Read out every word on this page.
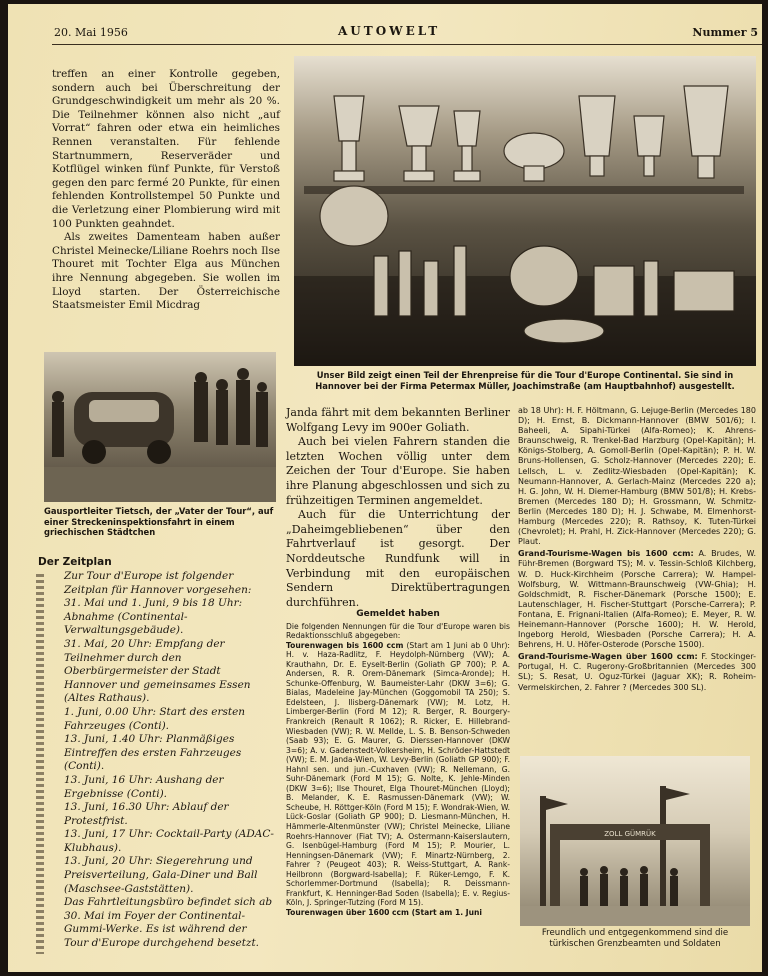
20. Mai 1956	AUTOWELT	Nummer 5

treffen an einer Kontrolle gegeben, sondern auch bei Überschreitung der Grundgeschwindigkeit um mehr als 20 %. Die Teilnehmer können also nicht „auf Vorrat“ fahren oder etwa ein heimliches Rennen veranstalten. Für fehlende Startnummern, Reserveräder und Kotflügel winken fünf Punkte, für Verstoß gegen den parc fermé 20 Punkte, für einen fehlenden Kontrollstempel 50 Punkte und die Verletzung einer Plombierung wird mit 100 Punkten geahndet.

Als zweites Damenteam haben außer Christel Meinecke/Liliane Roehrs noch Ilse Thouret mit Tochter Elga aus München ihre Nennung abgegeben. Sie wollen im Lloyd starten. Der Österreichische Staatsmeister Emil Micdrag

Unser Bild zeigt einen Teil der Ehrenpreise für die Tour d'Europe Continental. Sie sind in Hannover bei der Firma Petermax Müller, Joachimstraße (am Hauptbahnhof) ausgestellt.
Gausportleiter Tietsch, der „Vater der Tour“, auf einer Streckeninspektionsfahrt in einem griechischen Städtchen
Der Zeitplan
Zur Tour d'Europe ist folgender Zeitplan für Hannover vorgesehen:
31. Mai und 1. Juni, 9 bis 18 Uhr: Abnahme (Continental-Verwaltungsgebäude).
31. Mai, 20 Uhr: Empfang der Teilnehmer durch den Oberbürgermeister der Stadt Hannover und gemeinsames Essen (Altes Rathaus).
1. Juni, 0.00 Uhr: Start des ersten Fahrzeuges (Conti).
13. Juni, 1.40 Uhr: Planmäßiges Eintreffen des ersten Fahrzeuges (Conti).
13. Juni, 16 Uhr: Aushang der Ergebnisse (Conti).
13. Juni, 16.30 Uhr: Ablauf der Protestfrist.
13. Juni, 17 Uhr: Cocktail-Party (ADAC-Klubhaus).
13. Juni, 20 Uhr: Siegerehrung und Preisverteilung, Gala-Diner und Ball (Maschsee-Gaststätten).
Das Fahrtleitungsbüro befindet sich ab 30. Mai im Foyer der Continental-Gummi-Werke. Es ist während der Tour d'Europe durchgehend besetzt.

Janda fährt mit dem bekannten Berliner Wolfgang Levy im 900er Goliath.

Auch bei vielen Fahrern standen die letzten Wochen völlig unter dem Zeichen der Tour d'Europe. Sie haben ihre Planung abgeschlossen und sich zu frühzeitigen Terminen angemeldet.

Auch für die Unterrichtung der „Daheimgebliebenen“ über den Fahrtverlauf ist gesorgt. Der Norddeutsche Rundfunk will in Verbindung mit den europäischen Sendern Direktübertragungen durchführen.

Gemeldet haben
Die folgenden Nennungen für die Tour d'Europe waren bis Redaktionsschluß abgegeben:
Tourenwagen bis 1600 ccm (Start am 1 Juni ab 0 Uhr): H. v. Haza-Radlitz, F. Heydolph-Nürnberg (VW); A. Krauthahn, Dr. E. Eyselt-Berlin (Goliath GP 700); P. A. Andersen, R. R. Orem-Dänemark (Simca-Aronde); H. Schunke-Offenburg, W. Baumeister-Lahr (DKW 3=6); G. Bialas, Madeleine Jay-München (Goggomobil TA 250); S. Edelsteen, J. Ilisberg-Dänemark (VW); M. Lotz, H. Limberger-Berlin (Ford M 12); R. Berger, R. Bourgery-Frankreich (Renault R 1062); R. Ricker, E. Hillebrand-Wiesbaden (VW); R. W. Mellde, L. S. B. Benson-Schweden (Saab 93); E. G. Maurer, G. Dierssen-Hannover (DKW 3=6); A. v. Gadenstedt-Volkersheim, H. Schröder-Hattstedt (VW); E. M. Janda-Wien, W. Levy-Berlin (Goliath GP 900); F. Hahnl sen. und jun.-Cuxhaven (VW); R. Nellemann, G. Suhr-Dänemark (Ford M 15); G. Nolte, K. Jehle-Minden (DKW 3=6); Ilse Thouret, Elga Thouret-München (Lloyd); B. Melander, K. E. Rasmussen-Dänemark (VW); W. Scheube, H. Röttger-Köln (Ford M 15); F. Wondrak-Wien, W. Lück-Goslar (Goliath GP 900); D. Liesmann-München, H. Hämmerle-Altenmünster (VW); Christel Meinecke, Liliane Roehrs-Hannover (Fiat TV); A. Ostermann-Kaiserslautern, G. Isenbügel-Hamburg (Ford M 15); P. Mourier, L. Henningsen-Dänemark (VW); F. Minartz-Nürnberg, 2. Fahrer ? (Peugeot 403); R. Weiss-Stuttgart, A. Rank-Heilbronn (Borgward-Isabella); F. Rüker-Lemgo, F. K. Schorlemmer-Dortmund (Isabella); R. Deissmann-Frankfurt, K. Henninger-Bad Soden (Isabella); E. v. Regius-Köln, J. Springer-Tutzing (Ford M 15).
Tourenwagen über 1600 ccm (Start am 1. Juni
ab 18 Uhr): H. F. Höltmann, G. Lejuge-Berlin (Mercedes 180 D); H. Ernst, B. Dickmann-Hannover (BMW 501/6); I. Baheeli, A. Sipahi-Türkei (Alfa-Romeo); K. Ahrens-Braunschweig, R. Trenkel-Bad Harzburg (Opel-Kapitän); H. Königs-Stolberg, A. Gomoll-Berlin (Opel-Kapitän); P. H. W. Bruns-Hollensen, G. Scholz-Hannover (Mercedes 220); E. Lellsch, L. v. Zedlitz-Wiesbaden (Opel-Kapitän); K. Neumann-Hannover, A. Gerlach-Mainz (Mercedes 220 a); H. G. John, W. H. Diemer-Hamburg (BMW 501/8); H. Krebs-Bremen (Mercedes 180 D); H. Grossmann, W. Schmitz-Berlin (Mercedes 180 D); H. J. Schwabe, M. Elmenhorst-Hamburg (Mercedes 220); R. Rathsoy, K. Tuten-Türkei (Chevrolet); H. Prahl, H. Zick-Hannover (Mercedes 220); G. Plaut.
Grand-Tourisme-Wagen bis 1600 ccm: A. Brudes, W. Führ-Bremen (Borgward TS); M. v. Tessin-Schloß Kilchberg, W. D. Huck-Kirchheim (Porsche Carrera); W. Hampel-Wolfsburg, W. Wittmann-Braunschweig (VW-Ghia); H. Goldschmidt, R. Fischer-Dänemark (Porsche 1500); E. Lautenschlager, H. Fischer-Stuttgart (Porsche-Carrera); P. Fontana, E. Frignani-Italien (Alfa-Romeo); E. Meyer, R. W. Heinemann-Hannover (Porsche 1600); H. W. Herold, Ingeborg Herold, Wiesbaden (Porsche Carrera); H. A. Behrens, H. U. Höfer-Osterode (Porsche 1500).
Grand-Tourisme-Wagen über 1600 ccm: F. Stockinger-Portugal, H. C. Rugerony-Großbritannien (Mercedes 300 SL); S. Resat, U. Oguz-Türkei (Jaguar XK); R. Roheim-Vermelskirchen, 2. Fahrer ? (Mercedes 300 SL).
ZOLL GÜMRÜK
Freundlich und entgegenkommend sind die türkischen Grenzbeamten und Soldaten
